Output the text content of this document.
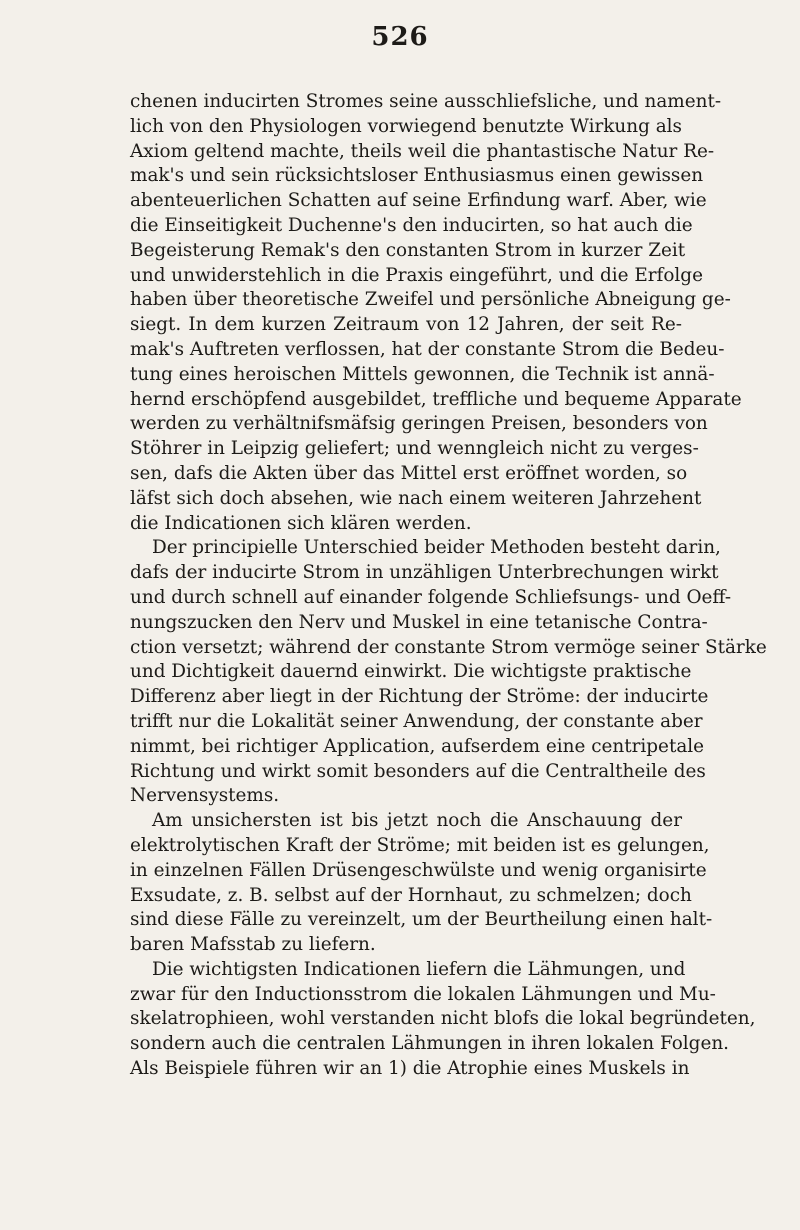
526
chenen inducirten Stromes seine ausschliefsliche, und nament-
lich von den Physiologen vorwiegend benutzte Wirkung als
Axiom geltend machte, theils weil die phantastische Natur Re-
mak's und sein rücksichtsloser Enthusiasmus einen gewissen
abenteuerlichen Schatten auf seine Erfindung warf. Aber, wie
die Einseitigkeit Duchenne's den inducirten, so hat auch die
Begeisterung Remak's den constanten Strom in kurzer Zeit
und unwiderstehlich in die Praxis eingeführt, und die Erfolge
haben über theoretische Zweifel und persönliche Abneigung ge-
siegt. In dem kurzen Zeitraum von 12 Jahren, der seit Re-
mak's Auftreten verflossen, hat der constante Strom die Bedeu-
tung eines heroischen Mittels gewonnen, die Technik ist annä-
hernd erschöpfend ausgebildet, treffliche und bequeme Apparate
werden zu verhältnifsmäfsig geringen Preisen, besonders von
Stöhrer in Leipzig geliefert; und wenngleich nicht zu verges-
sen, dafs die Akten über das Mittel erst eröffnet worden, so
läfst sich doch absehen, wie nach einem weiteren Jahrzehent
die Indicationen sich klären werden.
Der principielle Unterschied beider Methoden besteht darin,
dafs der inducirte Strom in unzähligen Unterbrechungen wirkt
und durch schnell auf einander folgende Schliefsungs- und Oeff-
nungszucken den Nerv und Muskel in eine tetanische Contra-
ction versetzt; während der constante Strom vermöge seiner Stärke
und Dichtigkeit dauernd einwirkt. Die wichtigste praktische
Differenz aber liegt in der Richtung der Ströme: der inducirte
trifft nur die Lokalität seiner Anwendung, der constante aber
nimmt, bei richtiger Application, aufserdem eine centripetale
Richtung und wirkt somit besonders auf die Centraltheile des
Nervensystems.
Am unsichersten ist bis jetzt noch die Anschauung der
elektrolytischen Kraft der Ströme; mit beiden ist es gelungen,
in einzelnen Fällen Drüsengeschwülste und wenig organisirte
Exsudate, z. B. selbst auf der Hornhaut, zu schmelzen; doch
sind diese Fälle zu vereinzelt, um der Beurtheilung einen halt-
baren Mafsstab zu liefern.
Die wichtigsten Indicationen liefern die Lähmungen, und
zwar für den Inductionsstrom die lokalen Lähmungen und Mu-
skelatrophieen, wohl verstanden nicht blofs die lokal begründeten,
sondern auch die centralen Lähmungen in ihren lokalen Folgen.
Als Beispiele führen wir an 1) die Atrophie eines Muskels in
